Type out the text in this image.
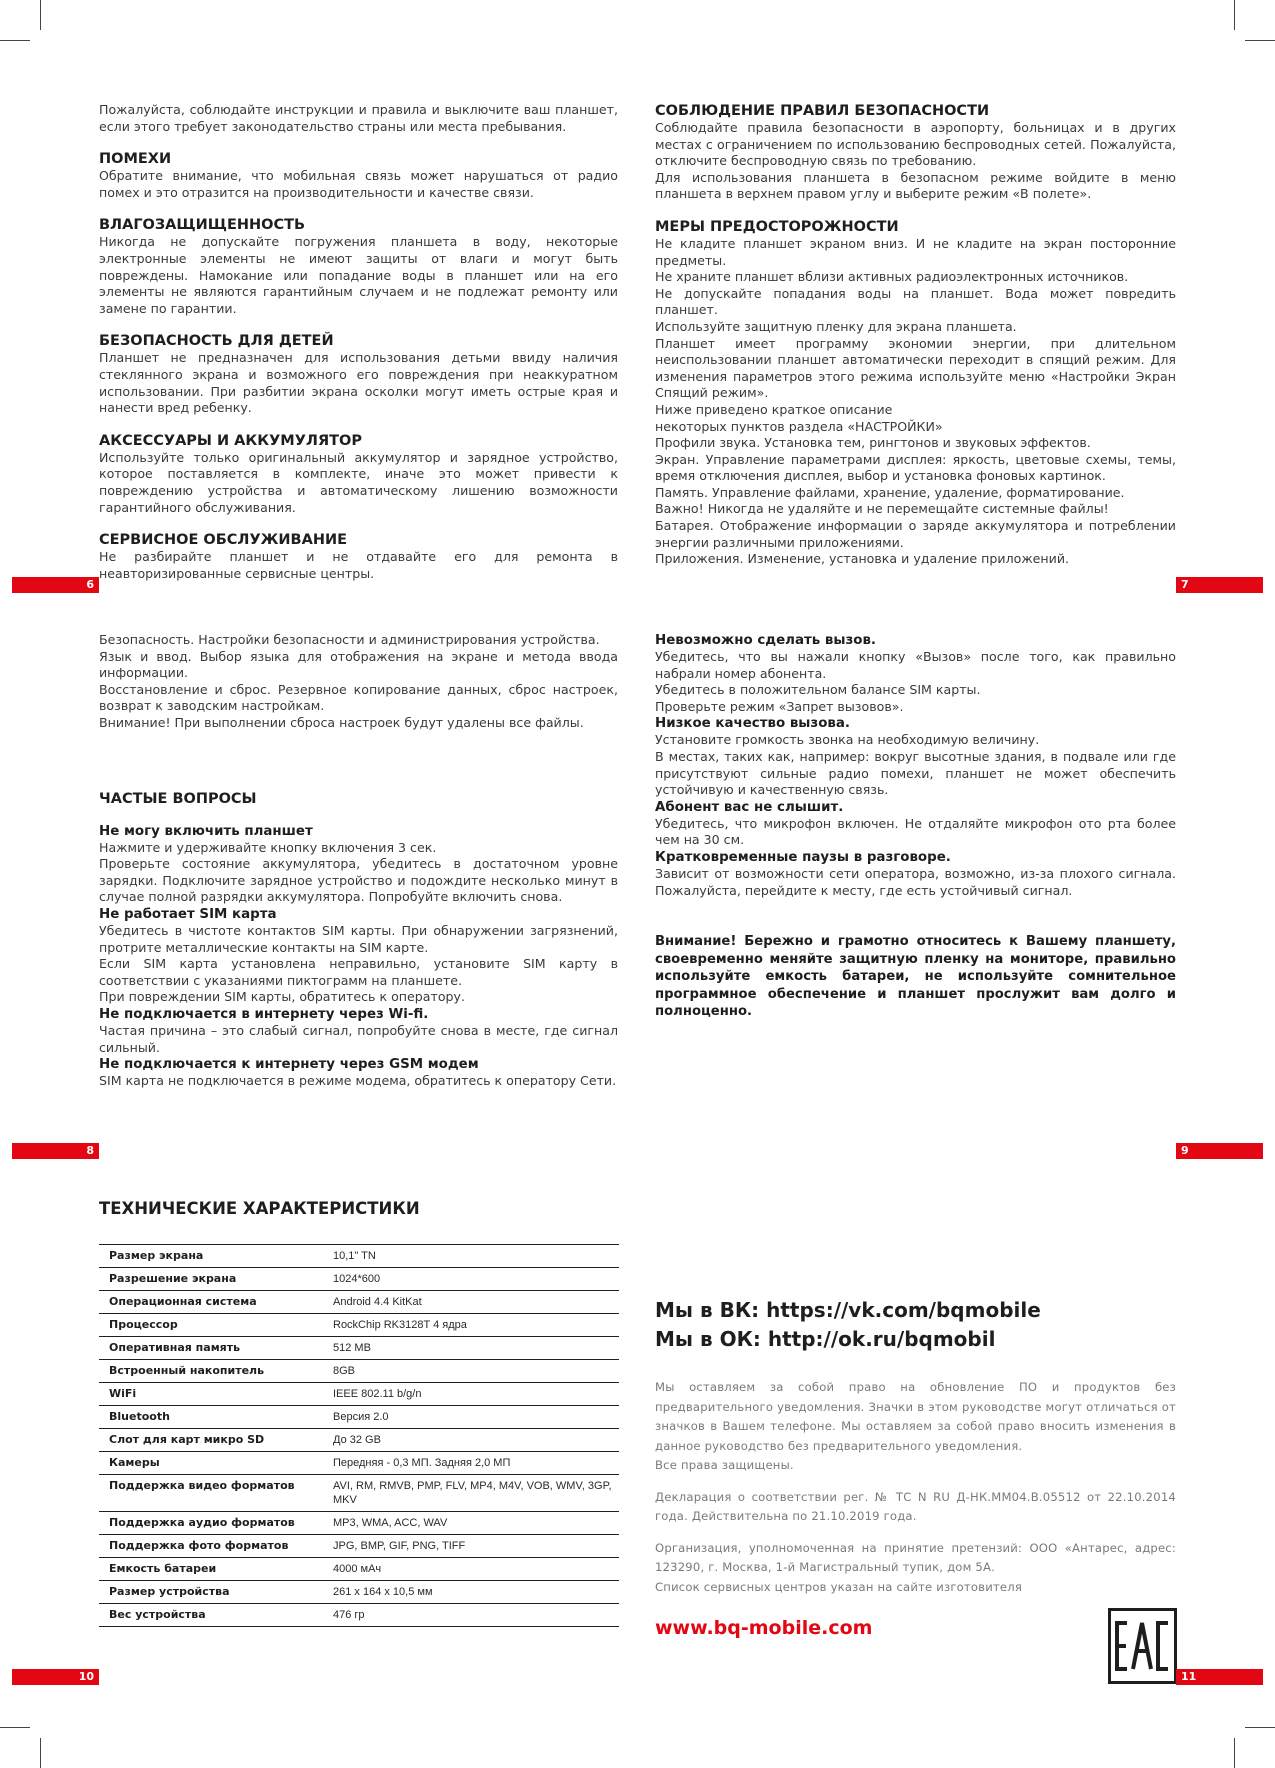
Пожалуйста, соблюдайте инструкции и правила и выключите ваш планшет, если этого требует законодательство страны или места пребывания.

ПОМЕХИ

Обратите внимание, что мобильная связь может нарушаться от радио помех и это отразится на производительности и качестве связи.

ВЛАГОЗАЩИЩЕННОСТЬ

Никогда не допускайте погружения планшета в воду, некоторые электронные элементы не имеют защиты от влаги и могут быть повреждены. Намокание или попадание воды в планшет или на его элементы не являются гарантийным случаем и не подлежат ремонту или замене по гарантии.

БЕЗОПАСНОСТЬ ДЛЯ ДЕТЕЙ

Планшет не предназначен для использования детьми ввиду наличия стеклянного экрана и возможного его повреждения при неаккуратном использовании. При разбитии экрана осколки могут иметь острые края и нанести вред ребенку.

АКСЕССУАРЫ И АККУМУЛЯТОР

Используйте только оригинальный аккумулятор и зарядное устройство, которое поставляется в комплекте, иначе это может привести к повреждению устройства и автоматическому лишению возможности гарантийного обслуживания.

СЕРВИСНОЕ ОБСЛУЖИВАНИЕ

Не разбирайте планшет и не отдавайте его для ремонта в неавторизированные сервисные центры.

6

СОБЛЮДЕНИЕ ПРАВИЛ БЕЗОПАСНОСТИ

Соблюдайте правила безопасности в аэропорту, больницах и в других местах с ограничением по использованию беспроводных сетей. Пожалуйста, отключите беспроводную связь по требованию.

Для использования планшета в безопасном режиме войдите в меню планшета в верхнем правом углу и выберите режим «В полете».

МЕРЫ ПРЕДОСТОРОЖНОСТИ

Не кладите планшет экраном вниз. И не кладите на экран посторонние предметы.

Не храните планшет вблизи активных радиоэлектронных источников.

Не допускайте попадания воды на планшет. Вода может повредить планшет.

Используйте защитную пленку для экрана планшета.

Планшет имеет программу экономии энергии, при длительном неиспользовании планшет автоматически переходит в спящий режим. Для изменения параметров этого режима используйте меню «Настройки Экран Спящий режим».

Ниже приведено краткое описание

некоторых пунктов раздела «НАСТРОЙКИ»

Профили звука. Установка тем, рингтонов и звуковых эффектов.

Экран. Управление параметрами дисплея: яркость, цветовые схемы, темы, время отключения дисплея, выбор и установка фоновых картинок.

Память. Управление файлами, хранение, удаление, форматирование.

Важно! Никогда не удаляйте и не перемещайте системные файлы!

Батарея. Отображение информации о заряде аккумулятора и потреблении энергии различными приложениями.

Приложения. Изменение, установка и удаление приложений.

7

Безопасность. Настройки безопасности и администрирования устройства.

Язык и ввод. Выбор языка для отображения на экране и метода ввода информации.

Восстановление и сброс. Резервное копирование данных, сброс настроек, возврат к заводским настройкам.

Внимание! При выполнении сброса настроек будут удалены все файлы.

ЧАСТЫЕ ВОПРОСЫ

Не могу включить планшет

Нажмите и удерживайте кнопку включения 3 сек.

Проверьте состояние аккумулятора, убедитесь в достаточном уровне зарядки. Подключите зарядное устройство и подождите несколько минут в случае полной разрядки аккумулятора. Попробуйте включить снова.

Не работает SIM карта

Убедитесь в чистоте контактов SIM карты. При обнаружении загрязнений, протрите металлические контакты на SIM карте.

Если SIM карта установлена неправильно, установите SIM карту в соответствии с указаниями пиктограмм на планшете.

При повреждении SIM карты, обратитесь к оператору.

Не подключается в интернету через Wi-fi.

Частая причина – это слабый сигнал, попробуйте снова в месте, где сигнал сильный.

Не подключается к интернету через GSM модем

SIM карта не подключается в режиме модема, обратитесь к оператору Сети.

8

Невозможно сделать вызов.

Убедитесь, что вы нажали кнопку «Вызов» после того, как правильно набрали номер абонента.

Убедитесь в положительном балансе SIM карты.

Проверьте режим «Запрет вызовов».

Низкое качество вызова.

Установите громкость звонка на необходимую величину.

В местах, таких как, например: вокруг высотные здания, в подвале или где присутствуют сильные радио помехи, планшет не может обеспечить устойчивую и качественную связь.

Абонент вас не слышит.

Убедитесь, что микрофон включен. Не отдаляйте микрофон ото рта более чем на 30 см.

Кратковременные паузы в разговоре.

Зависит от возможности сети оператора, возможно, из-за плохого сигнала. Пожалуйста, перейдите к месту, где есть устойчивый сигнал.

Внимание! Бережно и грамотно относитесь к Вашему планшету, своевременно меняйте защитную пленку на мониторе, правильно используйте емкость батареи, не используйте сомнительное программное обеспечение и планшет прослужит вам долго и полноценно.

9

ТЕХНИЧЕСКИЕ ХАРАКТЕРИСТИКИ

Размер экрана	10,1" TN
Разрешение экрана	1024*600
Операционная система	Android 4.4 KitKat
Процессор	RockChip RK3128T 4 ядра
Оперативная память	512 MB
Встроенный накопитель	8GB
WiFi	IEEE 802.11 b/g/n
Bluetooth	Версия 2.0
Слот для карт микро SD	До 32 GB
Камеры	Передняя - 0,3 МП. Задняя 2,0 МП
Поддержка видео форматов	AVI, RM, RMVB, PMP, FLV, MP4, M4V, VOB, WMV, 3GP, MKV
Поддержка аудио форматов	MP3, WMA, ACC, WAV
Поддержка фото форматов	JPG, BMP, GIF, PNG, TIFF
Емкость батареи	4000 мАч
Размер устройства	261 x 164 x 10,5 мм
Вес устройства	476 гр
10

Мы в ВК: https://vk.com/bqmobile

Мы в ОК: http://ok.ru/bqmobil

Мы оставляем за собой право на обновление ПО и продуктов без предварительного уведомления. Значки в этом руководстве могут отличаться от значков в Вашем телефоне. Мы оставляем за собой право вносить изменения в данное руководство без предварительного уведомления.

Все права защищены.

Декларация о соответствии рег. № ТС N RU Д-НК.ММ04.В.05512 от 22.10.2014 года. Действительна по 21.10.2019 года.

Организация, уполномоченная на принятие претензий: ООО «Антарес, адрес: 123290, г. Москва, 1-й Магистральный тупик, дом 5А.

Список сервисных центров указан на сайте изготовителя

www.bq-mobile.com

11
